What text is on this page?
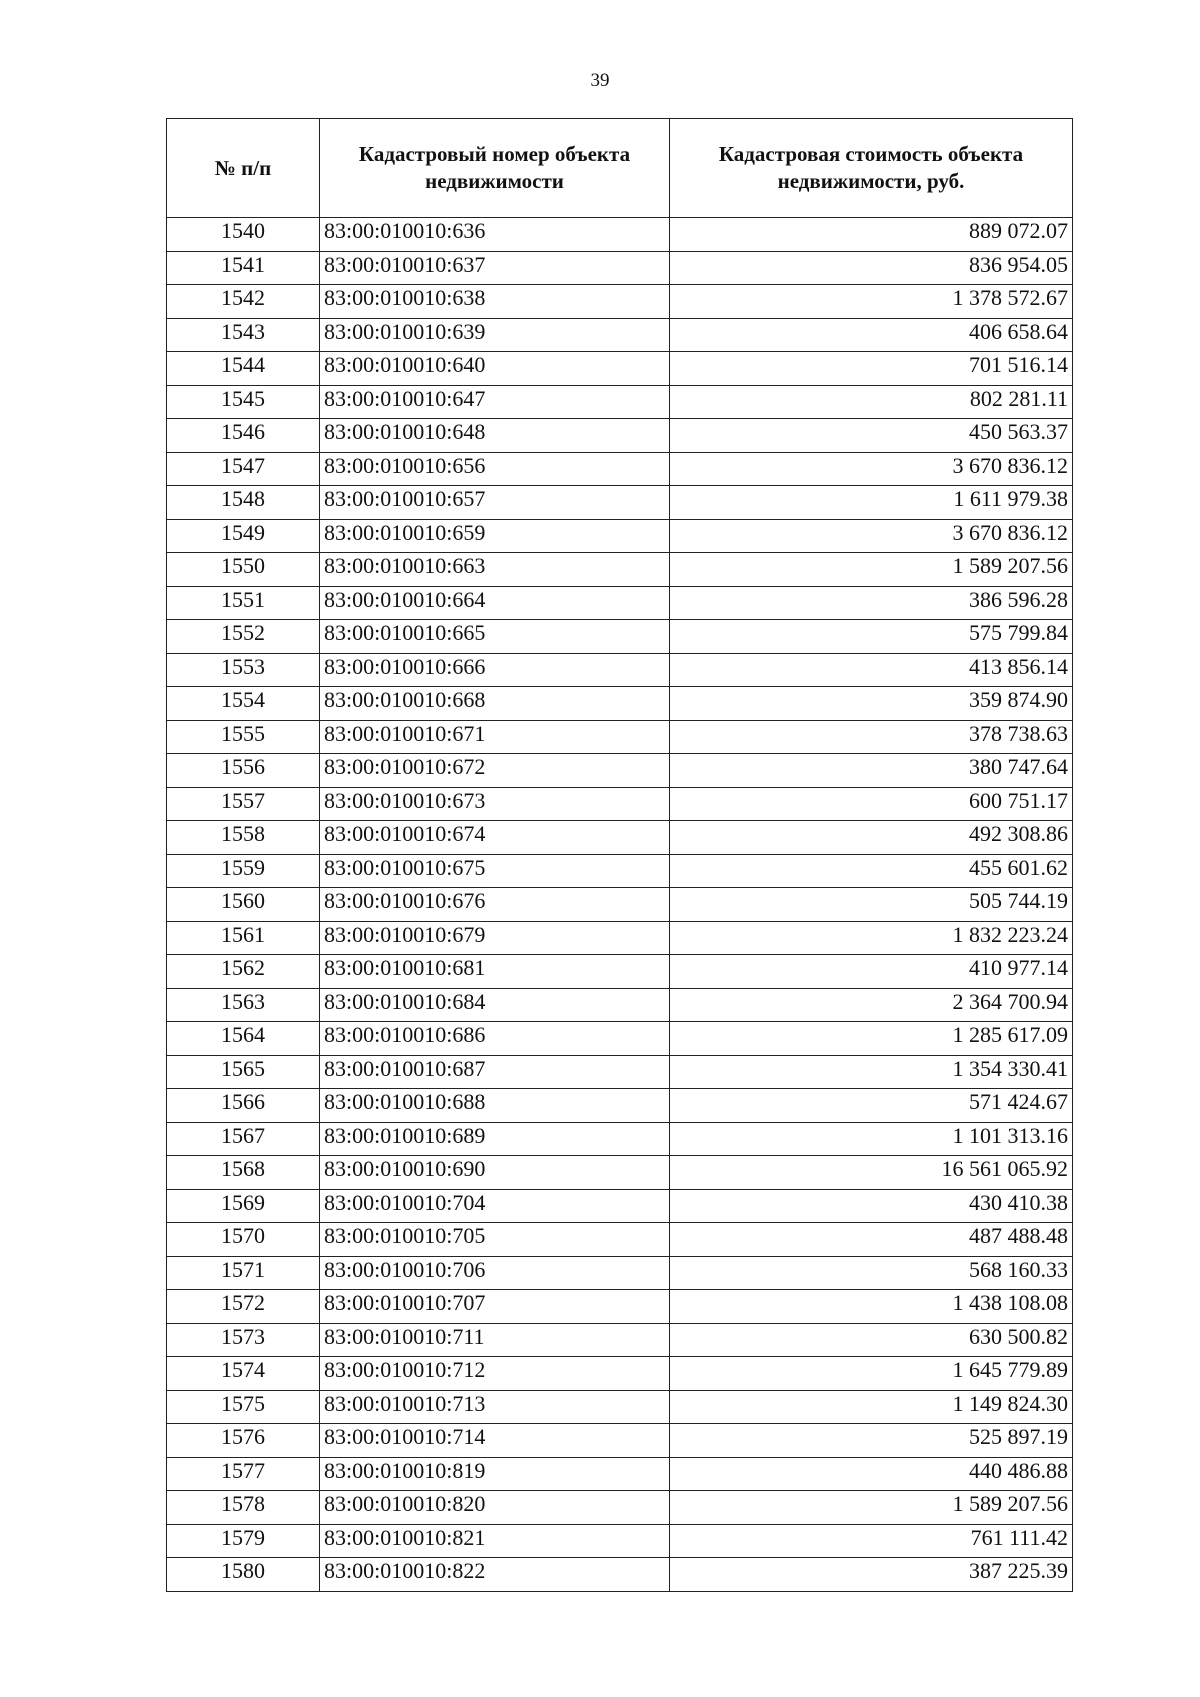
39
№ п/п	Кадастровый номер объекта недвижимости	Кадастровая стоимость объекта недвижимости, руб.
1540	83:00:010010:636	889 072.07
1541	83:00:010010:637	836 954.05
1542	83:00:010010:638	1 378 572.67
1543	83:00:010010:639	406 658.64
1544	83:00:010010:640	701 516.14
1545	83:00:010010:647	802 281.11
1546	83:00:010010:648	450 563.37
1547	83:00:010010:656	3 670 836.12
1548	83:00:010010:657	1 611 979.38
1549	83:00:010010:659	3 670 836.12
1550	83:00:010010:663	1 589 207.56
1551	83:00:010010:664	386 596.28
1552	83:00:010010:665	575 799.84
1553	83:00:010010:666	413 856.14
1554	83:00:010010:668	359 874.90
1555	83:00:010010:671	378 738.63
1556	83:00:010010:672	380 747.64
1557	83:00:010010:673	600 751.17
1558	83:00:010010:674	492 308.86
1559	83:00:010010:675	455 601.62
1560	83:00:010010:676	505 744.19
1561	83:00:010010:679	1 832 223.24
1562	83:00:010010:681	410 977.14
1563	83:00:010010:684	2 364 700.94
1564	83:00:010010:686	1 285 617.09
1565	83:00:010010:687	1 354 330.41
1566	83:00:010010:688	571 424.67
1567	83:00:010010:689	1 101 313.16
1568	83:00:010010:690	16 561 065.92
1569	83:00:010010:704	430 410.38
1570	83:00:010010:705	487 488.48
1571	83:00:010010:706	568 160.33
1572	83:00:010010:707	1 438 108.08
1573	83:00:010010:711	630 500.82
1574	83:00:010010:712	1 645 779.89
1575	83:00:010010:713	1 149 824.30
1576	83:00:010010:714	525 897.19
1577	83:00:010010:819	440 486.88
1578	83:00:010010:820	1 589 207.56
1579	83:00:010010:821	761 111.42
1580	83:00:010010:822	387 225.39
